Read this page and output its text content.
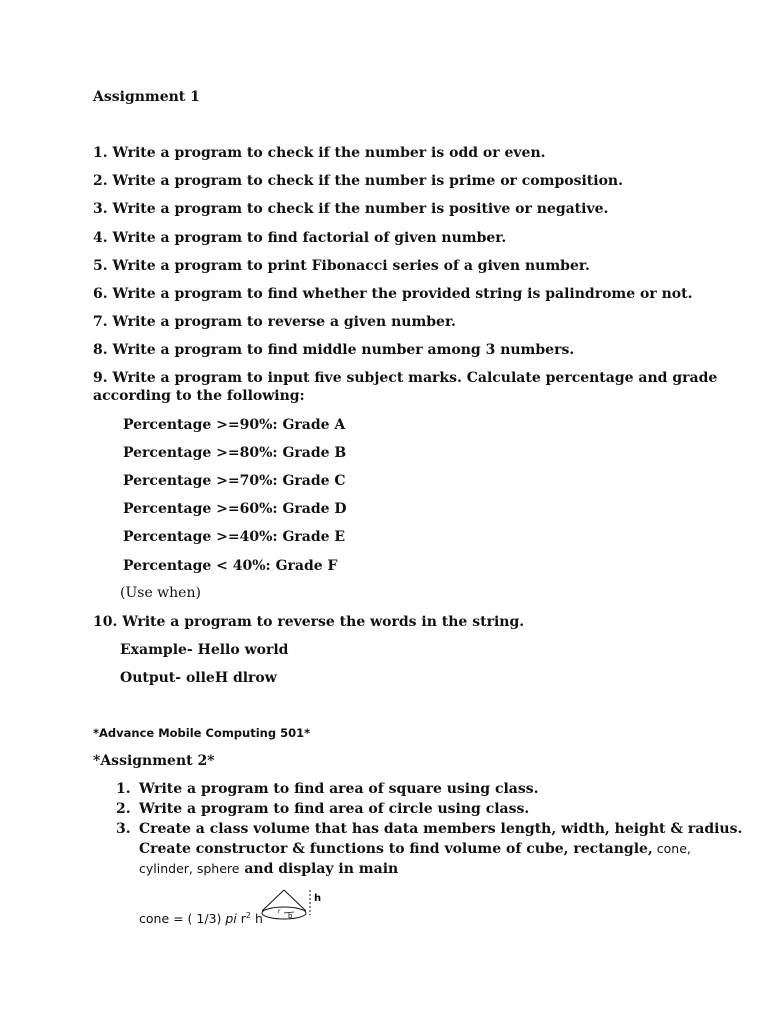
Assignment 1
1. Write a program to check if the number is odd or even.
2. Write a program to check if the number is prime or composition.
3. Write a program to check if the number is positive or negative.
4. Write a program to find factorial of given number.
5. Write a program to print Fibonacci series of a given number.
6. Write a program to find whether the provided string is palindrome or not.
7. Write a program to reverse a given number.
8. Write a program to find middle number among 3 numbers.
9. Write a program to input five subject marks. Calculate percentage and grade
according to the following:
Percentage >=90%: Grade A
Percentage >=80%: Grade B
Percentage >=70%: Grade C
Percentage >=60%: Grade D
Percentage >=40%: Grade E
Percentage < 40%: Grade F
(Use when)
10. Write a program to reverse the words in the string.
Example- Hello world
Output- olleH dlrow
*Advance Mobile Computing 501*
*Assignment 2*
1. Write a program to find area of square using class.
2. Write a program to find area of circle using class.
3. Create a class volume that has data members length, width, height & radius.
Create constructor & functions to find volume of cube, rectangle, cone,
cylinder, sphere and display in main
cone = ( 1/3) pi $r^2$ h	r
b
h
